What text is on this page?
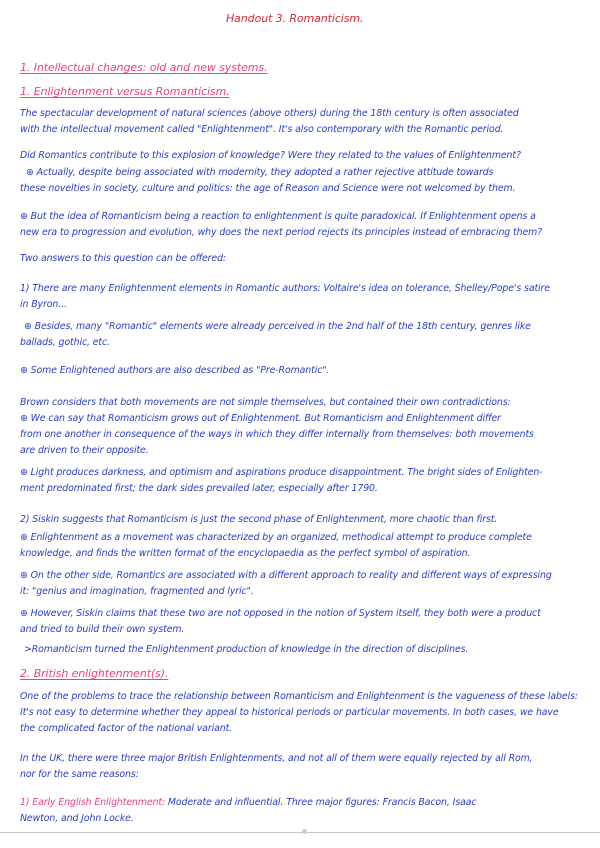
Handout 3. Romanticism.

1. Intellectual changes: old and new systems.

1. Enlightenment versus Romanticism.

The spectacular development of natural sciences (above others) during the 18th century is often associated

with the intellectual movement called "Enlightenment". It's also contemporary with the Romantic period.

Did Romantics contribute to this explosion of knowledge? Were they related to the values of Enlightenment?

⊕ Actually, despite being associated with modernity, they adopted a rather rejective attitude towards

these novelties in society, culture and politics: the age of Reason and Science were not welcomed by them.

⊕ But the idea of Romanticism being a reaction to enlightenment is quite paradoxical. If Enlightenment opens a

new era to progression and evolution, why does the next period rejects its principles instead of embracing them?

Two answers to this question can be offered:

1) There are many Enlightenment elements in Romantic authors: Voltaire's idea on tolerance, Shelley/Pope's satire

in Byron...

⊕ Besides, many "Romantic" elements were already perceived in the 2nd half of the 18th century, genres like

ballads, gothic, etc.

⊕ Some Enlightened authors are also described as "Pre-Romantic".

Brown considers that both movements are not simple themselves, but contained their own contradictions:

⊕ We can say that Romanticism grows out of Enlightenment. But Romanticism and Enlightenment differ

from one another in consequence of the ways in which they differ internally from themselves: both movements

are driven to their opposite.

⊕ Light produces darkness, and optimism and aspirations produce disappointment. The bright sides of Enlighten-

ment predominated first; the dark sides prevailed later, especially after 1790.

2) Siskin suggests that Romanticism is just the second phase of Enlightenment, more chaotic than first.

⊕ Enlightenment as a movement was characterized by an organized, methodical attempt to produce complete

knowledge, and finds the written format of the encyclopaedia as the perfect symbol of aspiration.

⊕ On the other side, Romantics are associated with a different approach to reality and different ways of expressing

it: "genius and imagination, fragmented and lyric".

⊕ However, Siskin claims that these two are not opposed in the notion of System itself, they both were a product

and tried to build their own system.

>Romanticism turned the Enlightenment production of knowledge in the direction of disciplines.

2. British enlightenment(s).

One of the problems to trace the relationship between Romanticism and Enlightenment is the vagueness of these labels:

It's not easy to determine whether they appeal to historical periods or particular movements. In both cases, we have

the complicated factor of the national variant.

In the UK, there were three major British Enlightenments, and not all of them were equally rejected by all Rom,

nor for the same reasons:

1) Early English Enlightenment: Moderate and influential. Three major figures: Francis Bacon, Isaac

Newton, and John Locke.
